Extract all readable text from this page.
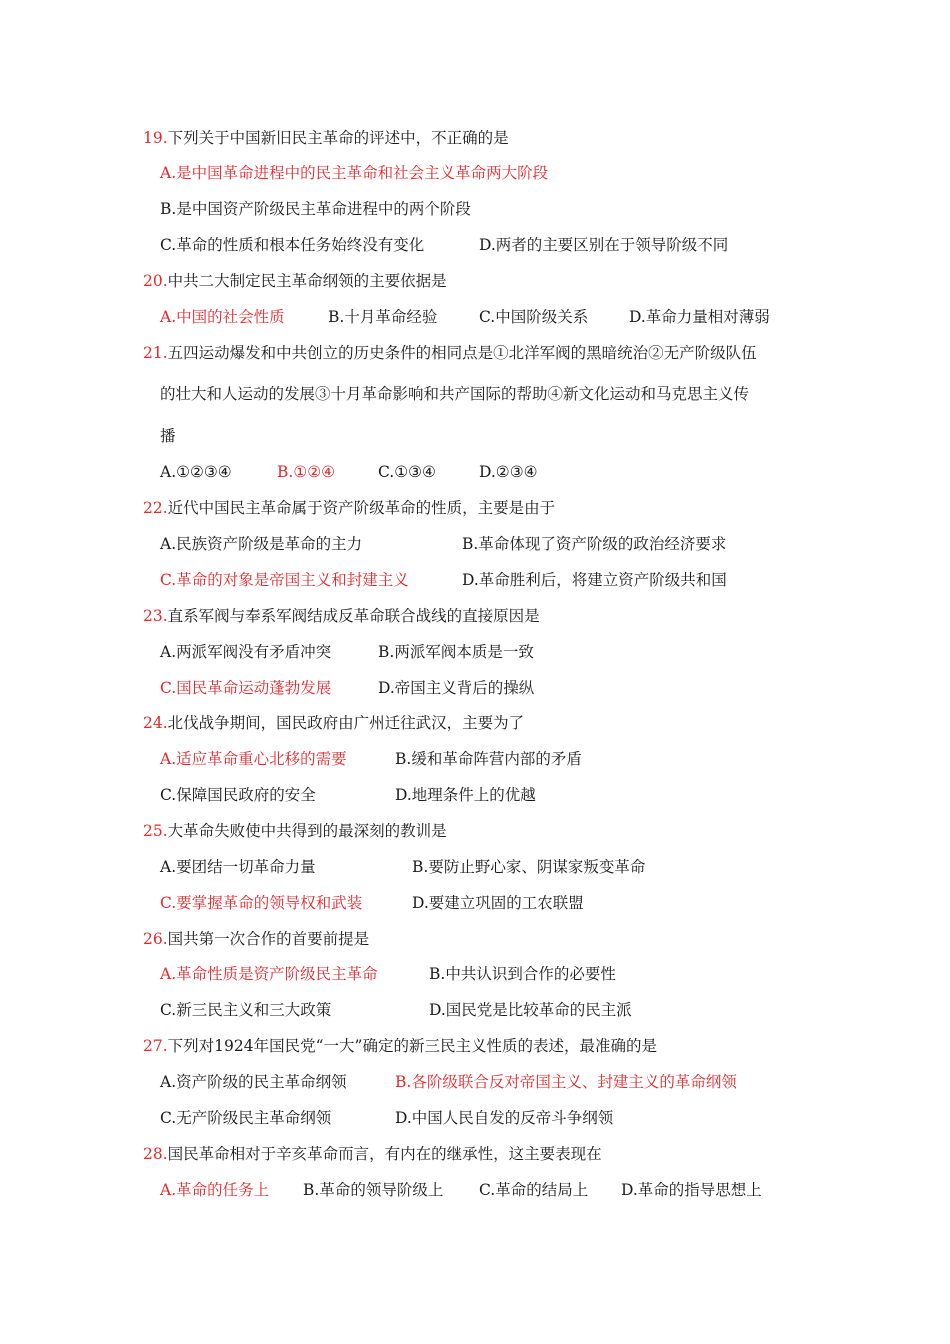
19.下列关于中国新旧民主革命的评述中，不正确的是
A.是中国革命进程中的民主革命和社会主义革命两大阶段
B.是中国资产阶级民主革命进程中的两个阶段
C.革命的性质和根本任务始终没有变化	D.两者的主要区别在于领导阶级不同
20.中共二大制定民主革命纲领的主要依据是
A.中国的社会性质	B.十月革命经验	C.中国阶级关系	D.革命力量相对薄弱
21.五四运动爆发和中共创立的历史条件的相同点是①北洋军阀的黑暗统治②无产阶级队伍
的壮大和人运动的发展③十月革命影响和共产国际的帮助④新文化运动和马克思主义传
播
A.①②③④	B.①②④	C.①③④	D.②③④
22.近代中国民主革命属于资产阶级革命的性质，主要是由于
A.民族资产阶级是革命的主力	B.革命体现了资产阶级的政治经济要求
C.革命的对象是帝国主义和封建主义	D.革命胜利后，将建立资产阶级共和国
23.直系军阀与奉系军阀结成反革命联合战线的直接原因是
A.两派军阀没有矛盾冲突	B.两派军阀本质是一致
C.国民革命运动蓬勃发展	D.帝国主义背后的操纵
24.北伐战争期间，国民政府由广州迁往武汉，主要为了
A.适应革命重心北移的需要	B.缓和革命阵营内部的矛盾
C.保障国民政府的安全	D.地理条件上的优越
25.大革命失败使中共得到的最深刻的教训是
A.要团结一切革命力量	B.要防止野心家、阴谋家叛变革命
C.要掌握革命的领导权和武装	D.要建立巩固的工农联盟
26.国共第一次合作的首要前提是
A.革命性质是资产阶级民主革命	B.中共认识到合作的必要性
C.新三民主义和三大政策	D.国民党是比较革命的民主派
27.下列对1924年国民党“一大”确定的新三民主义性质的表述，最准确的是
A.资产阶级的民主革命纲领	B.各阶级联合反对帝国主义、封建主义的革命纲领
C.无产阶级民主革命纲领	D.中国人民自发的反帝斗争纲领
28.国民革命相对于辛亥革命而言，有内在的继承性，这主要表现在
A.革命的任务上 B.革命的领导阶级上 C.革命的结局上 D.革命的指导思想上
